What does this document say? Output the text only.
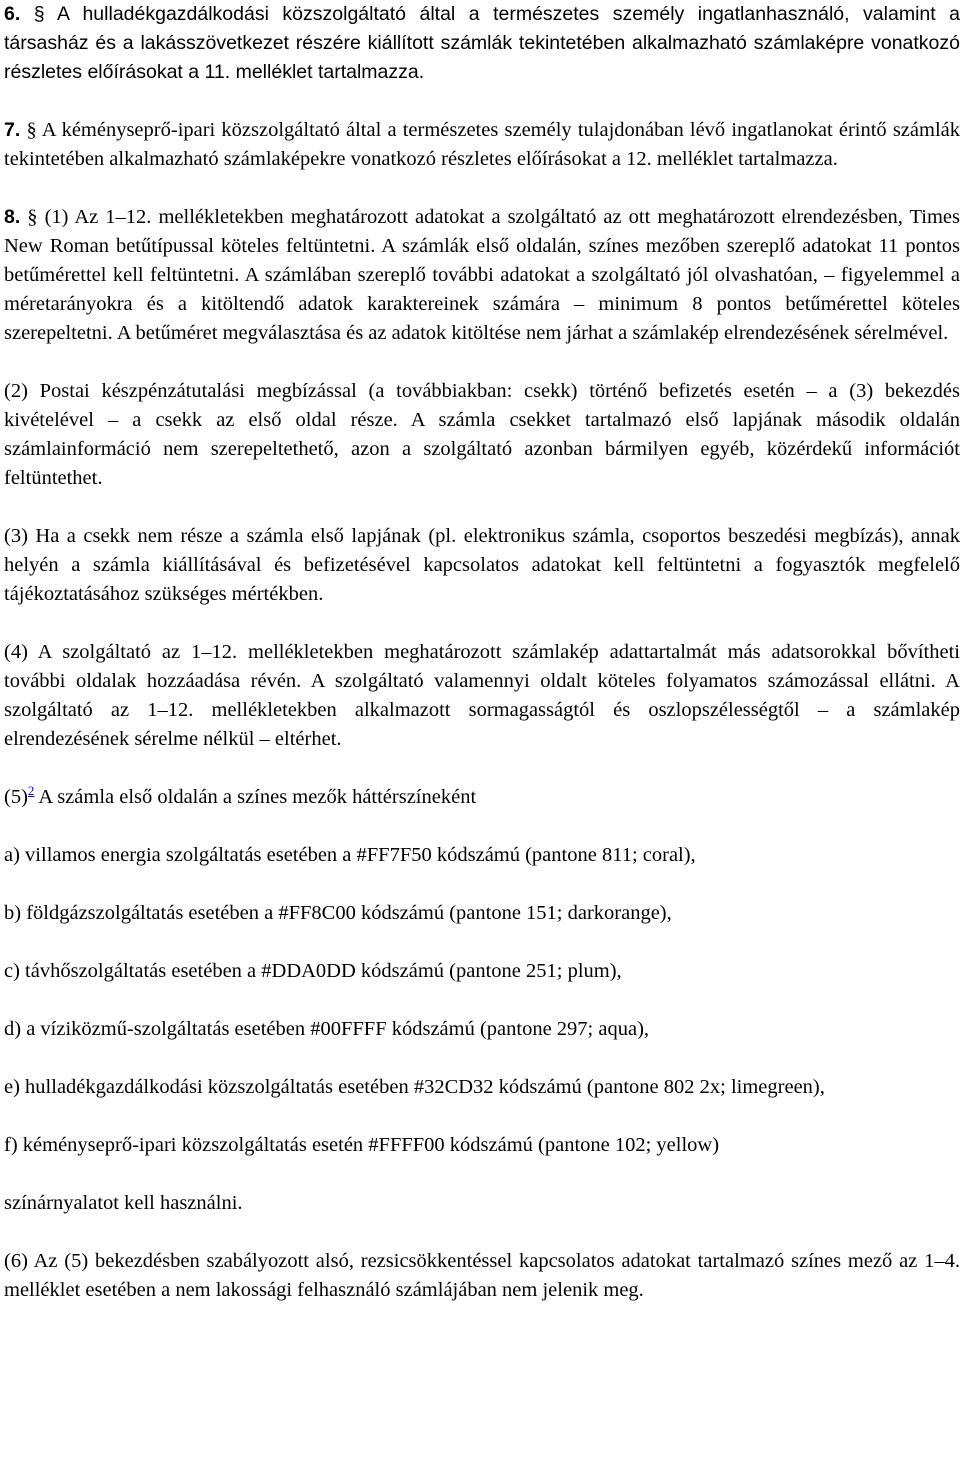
6. § A hulladékgazdálkodási közszolgáltató által a természetes személy ingatlanhasználó, valamint a társasház és a lakásszövetkezet részére kiállított számlák tekintetében alkalmazható számlaképre vonatkozó részletes előírásokat a 11. melléklet tartalmazza.

7. § A kéményseprő-ipari közszolgáltató által a természetes személy tulajdonában lévő ingatlanokat érintő számlák tekintetében alkalmazható számlaképekre vonatkozó részletes előírásokat a 12. melléklet tartalmazza.

8. § (1) Az 1–12. mellékletekben meghatározott adatokat a szolgáltató az ott meghatározott elrendezésben, Times New Roman betűtípussal köteles feltüntetni. A számlák első oldalán, színes mezőben szereplő adatokat 11 pontos betűmérettel kell feltüntetni. A számlában szereplő további adatokat a szolgáltató jól olvashatóan, – figyelemmel a méretarányokra és a kitöltendő adatok karaktereinek számára – minimum 8 pontos betűmérettel köteles szerepeltetni. A betűméret megválasztása és az adatok kitöltése nem járhat a számlakép elrendezésének sérelmével.

(2) Postai készpénzátutalási megbízással (a továbbiakban: csekk) történő befizetés esetén – a (3) bekezdés kivételével – a csekk az első oldal része. A számla csekket tartalmazó első lapjának második oldalán számlainformáció nem szerepeltethető, azon a szolgáltató azonban bármilyen egyéb, közérdekű információt feltüntethet.

(3) Ha a csekk nem része a számla első lapjának (pl. elektronikus számla, csoportos beszedési megbízás), annak helyén a számla kiállításával és befizetésével kapcsolatos adatokat kell feltüntetni a fogyasztók megfelelő tájékoztatásához szükséges mértékben.

(4) A szolgáltató az 1–12. mellékletekben meghatározott számlakép adattartalmát más adatsorokkal bővítheti további oldalak hozzáadása révén. A szolgáltató valamennyi oldalt köteles folyamatos számozással ellátni. A szolgáltató az 1–12. mellékletekben alkalmazott sormagasságtól és oszlopszélességtől – a számlakép elrendezésének sérelme nélkül – eltérhet.

(5)$^2$ A számla első oldalán a színes mezők háttérszíneként

a) villamos energia szolgáltatás esetében a #FF7F50 kódszámú (pantone 811; coral),

b) földgázszolgáltatás esetében a #FF8C00 kódszámú (pantone 151; darkorange),

c) távhőszolgáltatás esetében a #DDA0DD kódszámú (pantone 251; plum),

d) a víziközmű-szolgáltatás esetében #00FFFF kódszámú (pantone 297; aqua),

e) hulladékgazdálkodási közszolgáltatás esetében #32CD32 kódszámú (pantone 802 2x; limegreen),

f) kéményseprő-ipari közszolgáltatás esetén #FFFF00 kódszámú (pantone 102; yellow)

színárnyalatot kell használni.

(6) Az (5) bekezdésben szabályozott alsó, rezsicsökkentéssel kapcsolatos adatokat tartalmazó színes mező az 1–4. melléklet esetében a nem lakossági felhasználó számlájában nem jelenik meg.
